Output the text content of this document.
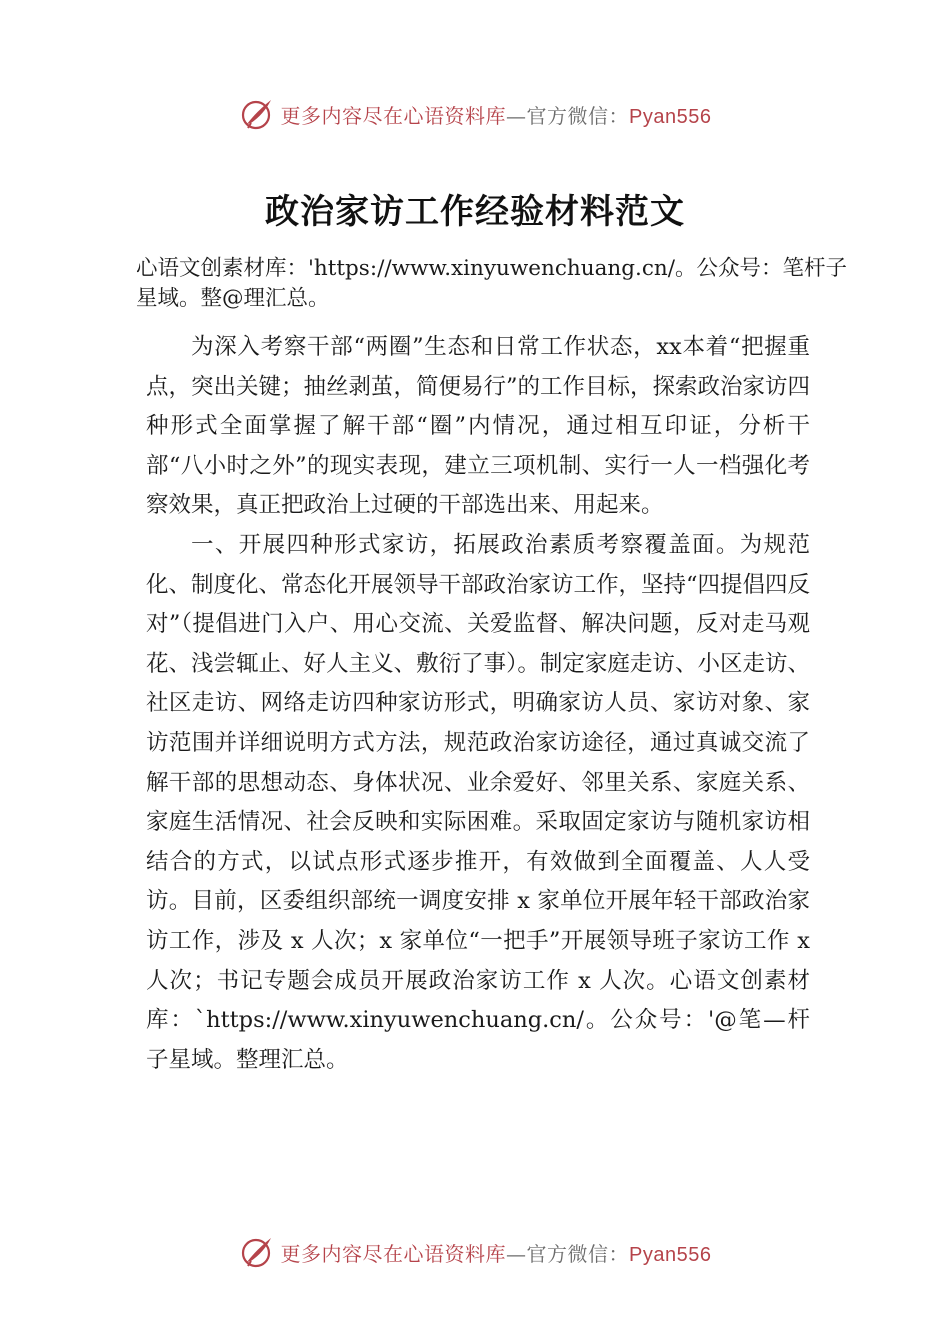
更多内容尽在心语资料库—官方微信：Pyan556
政治家访工作经验材料范文
心语文创素材库：'https://www.xinyuwenchuang.cn/。公众号：笔杆子星域。整@理汇总。

为深入考察干部“两圈”生态和日常工作状态，xx本着“把握重点，突出关键；抽丝剥茧，简便易行”的工作目标，探索政治家访四种形式全面掌握了解干部“圈”内情况，通过相互印证，分析干部“八小时之外”的现实表现，建立三项机制、实行一人一档强化考察效果，真正把政治上过硬的干部选出来、用起来。

一、开展四种形式家访，拓展政治素质考察覆盖面。为规范化、制度化、常态化开展领导干部政治家访工作，坚持“四提倡四反对”（提倡进门入户、用心交流、关爱监督、解决问题，反对走马观花、浅尝辄止、好人主义、敷衍了事）。制定家庭走访、小区走访、社区走访、网络走访四种家访形式，明确家访人员、家访对象、家访范围并详细说明方式方法，规范政治家访途径，通过真诚交流了解干部的思想动态、身体状况、业余爱好、邻里关系、家庭关系、家庭生活情况、社会反映和实际困难。采取固定家访与随机家访相结合的方式，以试点形式逐步推开，有效做到全面覆盖、人人受访。目前，区委组织部统一调度安排 x 家单位开展年轻干部政治家访工作，涉及 x 人次；x 家单位“一把手”开展领导班子家访工作 x 人次；书记专题会成员开展政治家访工作 x 人次。心语文创素材库：`https://www.xinyuwenchuang.cn/。公众号：'@笔—杆子星域。整理汇总。

更多内容尽在心语资料库—官方微信：Pyan556
